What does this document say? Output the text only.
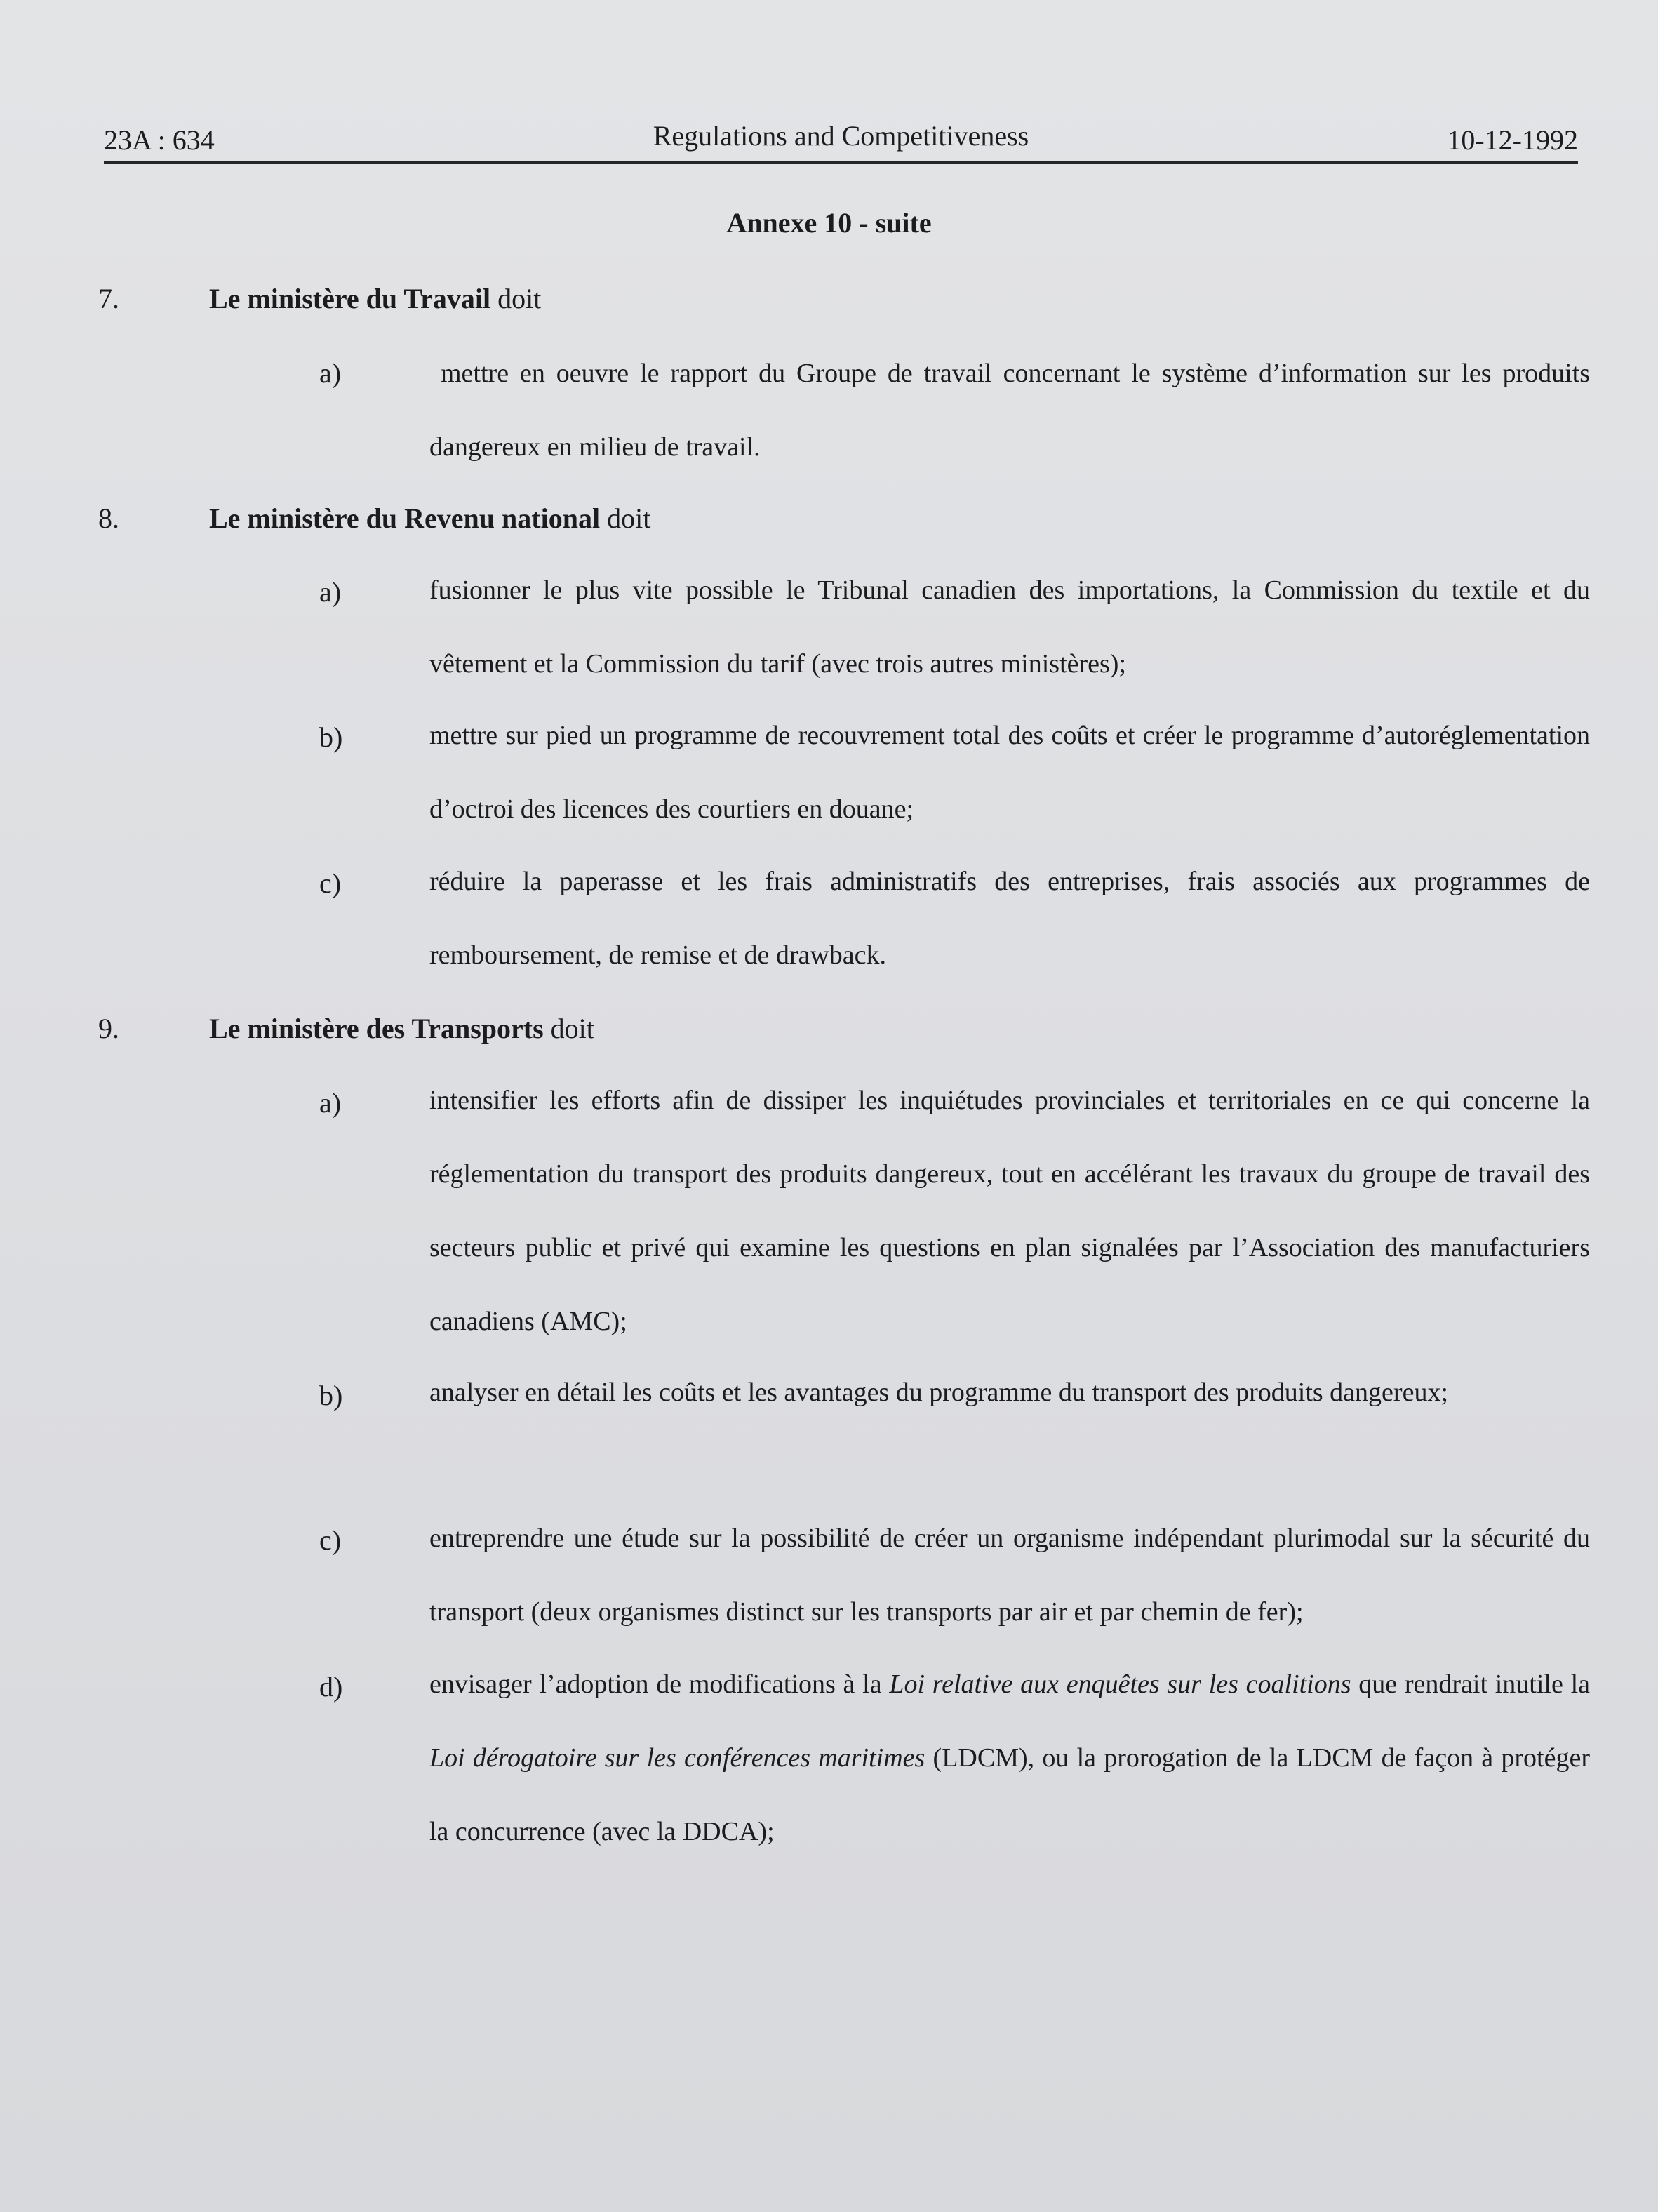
23A : 634	Regulations and Competitiveness	10-12-1992
Annexe 10 - suite
7.	Le ministère du Travail doit
a)	mettre en oeuvre le rapport du Groupe de travail concernant le système d’information sur les produits dangereux en milieu de travail.
8.	Le ministère du Revenu national doit
a)	fusionner le plus vite possible le Tribunal canadien des importations, la Commission du textile et du vêtement et la Commission du tarif (avec trois autres ministères);
b)	mettre sur pied un programme de recouvrement total des coûts et créer le programme d’autoréglementation d’octroi des licences des courtiers en douane;
c)	réduire la paperasse et les frais administratifs des entreprises, frais associés aux programmes de remboursement, de remise et de drawback.
9.	Le ministère des Transports doit
a)	intensifier les efforts afin de dissiper les inquiétudes provinciales et territoriales en ce qui concerne la réglementation du transport des produits dangereux, tout en accélérant les travaux du groupe de travail des secteurs public et privé qui examine les questions en plan signalées par l’Association des manufacturiers canadiens (AMC);
b)	analyser en détail les coûts et les avantages du programme du transport des produits dangereux;
c)	entreprendre une étude sur la possibilité de créer un organisme indépendant plurimodal sur la sécurité du transport (deux organismes distinct sur les transports par air et par chemin de fer);
d)	envisager l’adoption de modifications à la Loi relative aux enquêtes sur les coalitions que rendrait inutile la Loi dérogatoire sur les conférences maritimes (LDCM), ou la prorogation de la LDCM de façon à protéger la concurrence (avec la DDCA);
